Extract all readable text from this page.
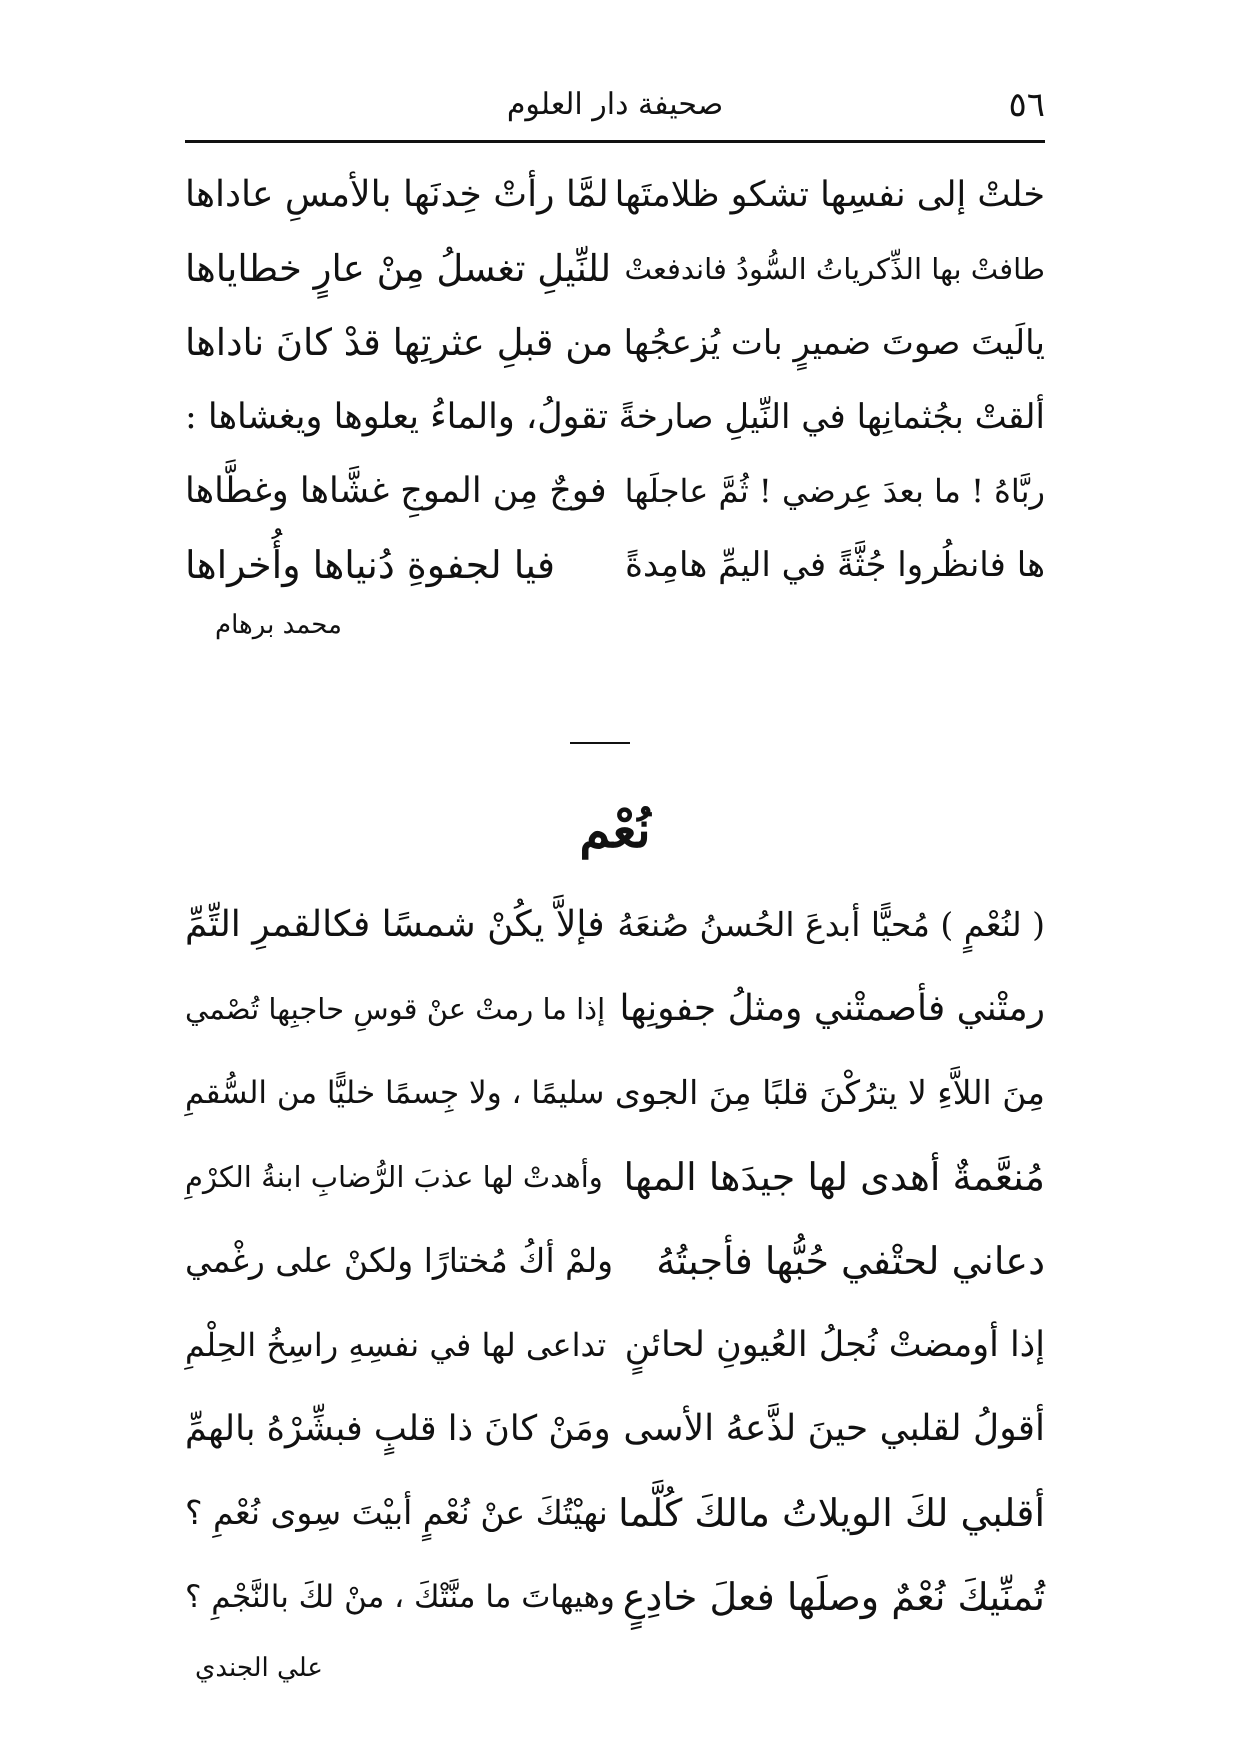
٥٦
صحيفة دار العلوم
خلتْ إلى نفسِها تشكو ظلامتَها
لمَّا رأتْ خِدنَها بالأمسِ عاداها
طافتْ بها الذِّكرياتُ السُّودُ فاندفعتْ
للنِّيلِ تغسلُ مِنْ عارٍ خطاياها
يالَيتَ صوتَ ضميرٍ بات يُزعجُها
من قبلِ عثرتِها قدْ كانَ ناداها
ألقتْ بجُثمانِها في النِّيلِ صارخةً
تقولُ، والماءُ يعلوها ويغشاها :
ربَّاهُ ! ما بعدَ عِرضي ! ثُمَّ عاجلَها
فوجٌ مِن الموجِ غشَّاها وغطَّاها
ها فانظُروا جُثَّةً في اليمِّ هامِدةً
فيا لجفوةِ دُنياها وأُخراها
محمد برهام
نُعْم
( لنُعْمٍ ) مُحيًّا أبدعَ الحُسنُ صُنعَهُ
فإلاَّ يكُنْ شمسًا فكالقمرِ التِّمِّ
رمتْني فأصمتْني ومثلُ جفونِها
إذا ما رمتْ عنْ قوسِ حاجبِها تُصْمي
مِنَ اللاَّءِ لا يترُكْنَ قلبًا مِنَ الجوى
سليمًا ، ولا جِسمًا خليًّا من السُّقمِ
مُنعَّمةٌ أهدى لها جيدَها المها
وأهدتْ لها عذبَ الرُّضابِ ابنةُ الكرْمِ
دعاني لحتْفي حُبُّها فأجبتُهُ
ولمْ أكُ مُختارًا ولكنْ على رغْمي
إذا أومضتْ نُجلُ العُيونِ لحائنٍ
تداعى لها في نفسِهِ راسِخُ الحِلْمِ
أقولُ لقلبي حينَ لذَّعهُ الأسى
ومَنْ كانَ ذا قلبٍ فبشِّرْهُ بالهمِّ
أقلبي لكَ الويلاتُ مالكَ كُلَّما
نهيْتُكَ عنْ نُعْمٍ أبيْتَ سِوى نُعْمِ ؟
تُمنِّيكَ نُعْمٌ وصلَها فعلَ خادِعٍ
وهيهاتَ ما منَّتْكَ ، منْ لكَ بالنَّجْمِ ؟
علي الجندي
